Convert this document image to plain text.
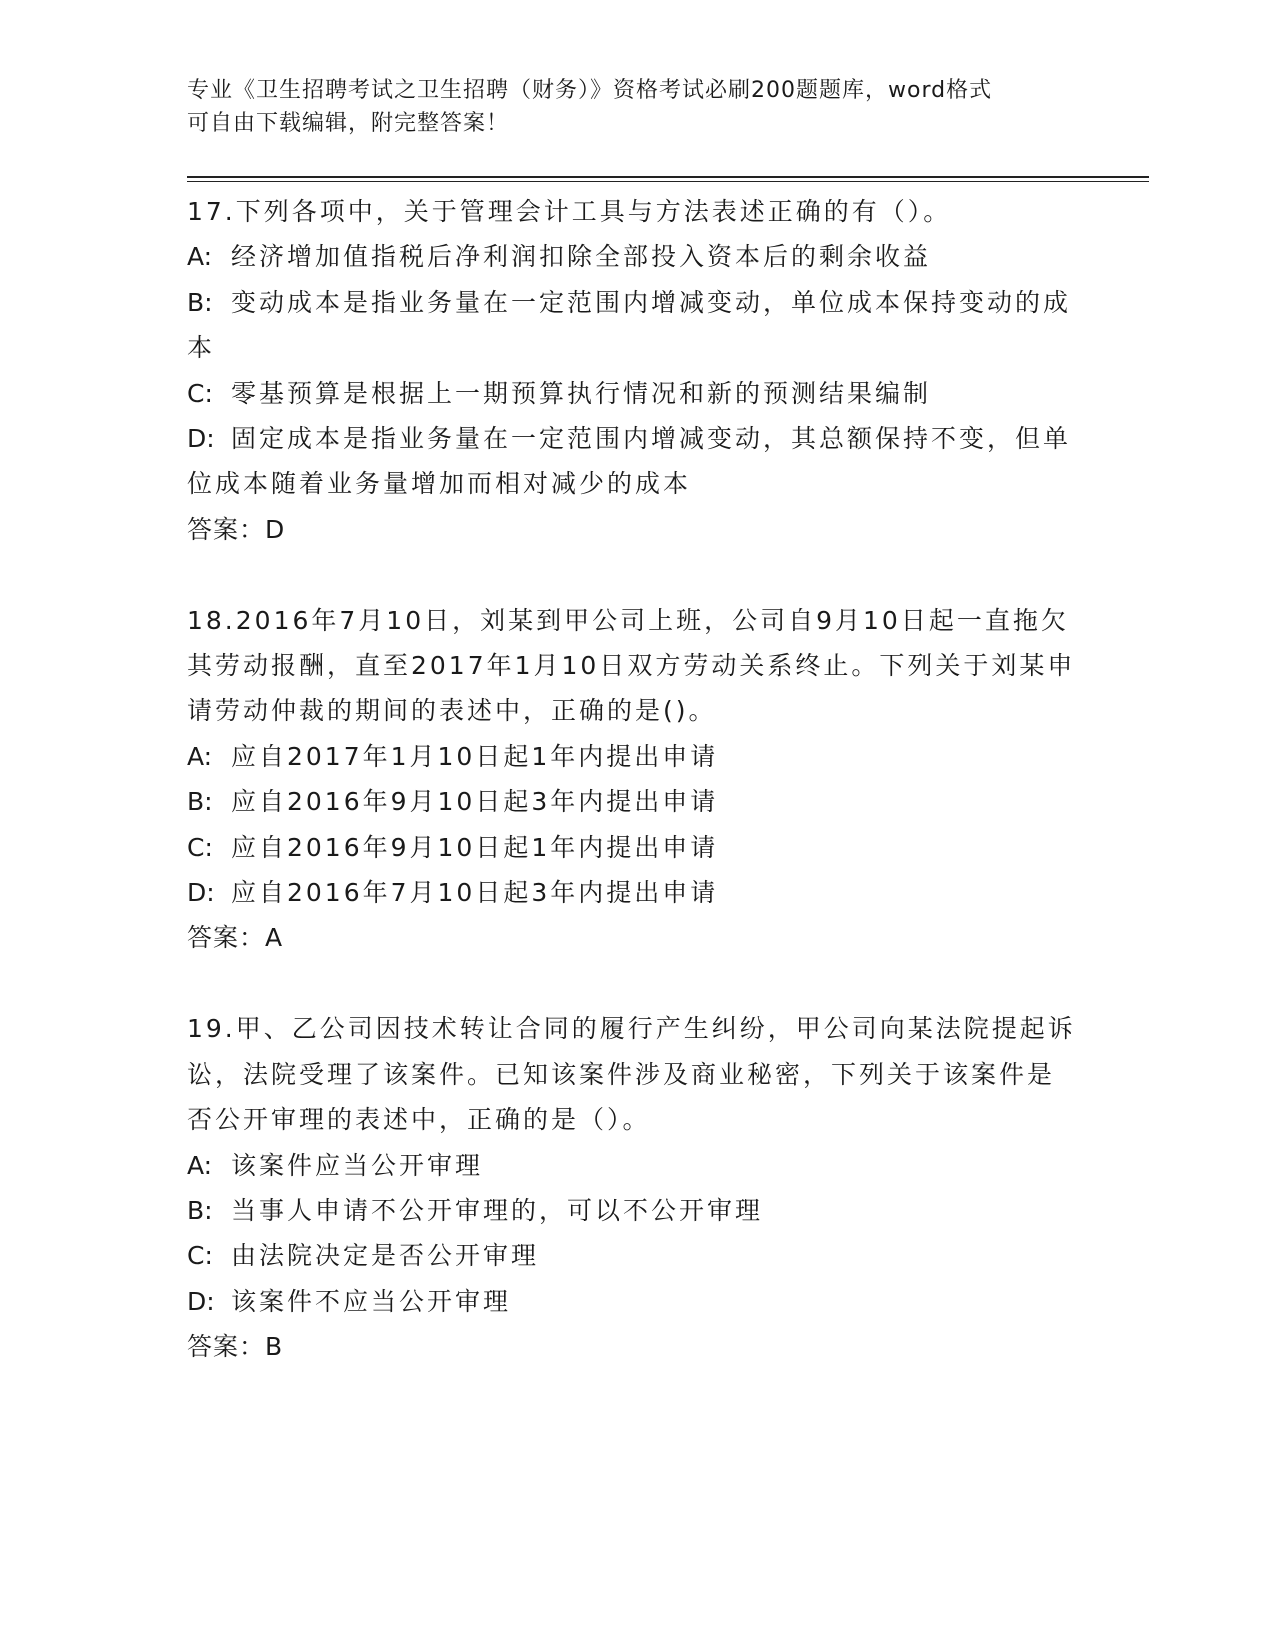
专业《卫生招聘考试之卫生招聘（财务）》资格考试必刷200题题库，word格式
可自由下载编辑，附完整答案！
17.下列各项中，关于管理会计工具与方法表述正确的有（）。
A: 经济增加值指税后净利润扣除全部投入资本后的剩余收益
B: 变动成本是指业务量在一定范围内增减变动，单位成本保持变动的成本
C: 零基预算是根据上一期预算执行情况和新的预测结果编制
D: 固定成本是指业务量在一定范围内增减变动，其总额保持不变，但单位成本随着业务量增加而相对减少的成本
答案：D
18.2016年7月10日，刘某到甲公司上班，公司自9月10日起一直拖欠其劳动报酬，直至2017年1月10日双方劳动关系终止。下列关于刘某申请劳动仲裁的期间的表述中，正确的是()。
A: 应自2017年1月10日起1年内提出申请
B: 应自2016年9月10日起3年内提出申请
C: 应自2016年9月10日起1年内提出申请
D: 应自2016年7月10日起3年内提出申请
答案：A
19.甲、乙公司因技术转让合同的履行产生纠纷，甲公司向某法院提起诉讼，法院受理了该案件。已知该案件涉及商业秘密，下列关于该案件是否公开审理的表述中，正确的是（）。
A: 该案件应当公开审理
B: 当事人申请不公开审理的，可以不公开审理
C: 由法院决定是否公开审理
D: 该案件不应当公开审理
答案：B
